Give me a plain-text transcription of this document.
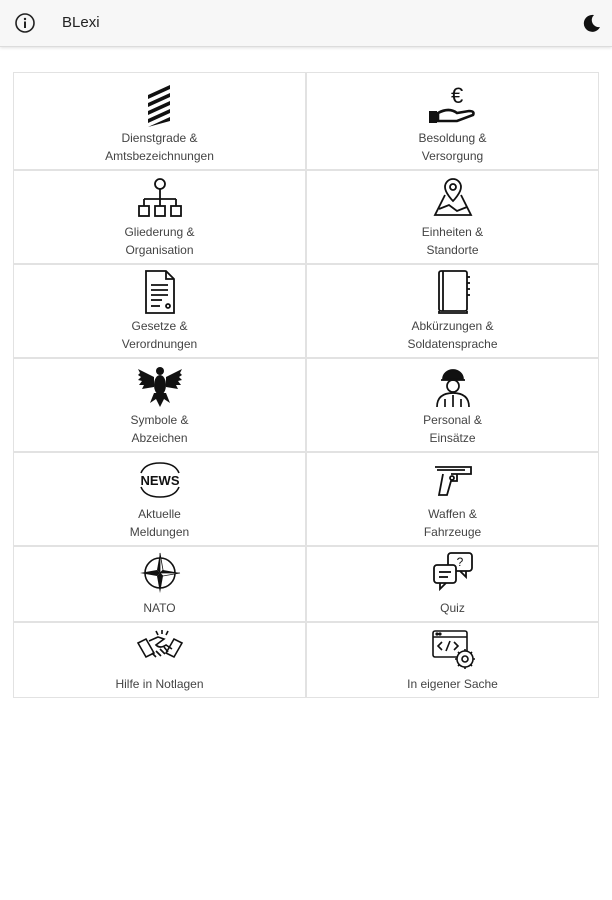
BLexi
Dienstgrade &
Amtsbezeichnungen
€
Besoldung &
Versorgung
Gliederung &
Organisation
Einheiten &
Standorte
Gesetze &
Verordnungen
Abkürzungen &
Soldatensprache
Symbole &
Abzeichen
Personal &
Einsätze
NEWS
Aktuelle
Meldungen
Waffen &
Fahrzeuge
NATO
?
Quiz
Hilfe in Notlagen	In eigener Sache
